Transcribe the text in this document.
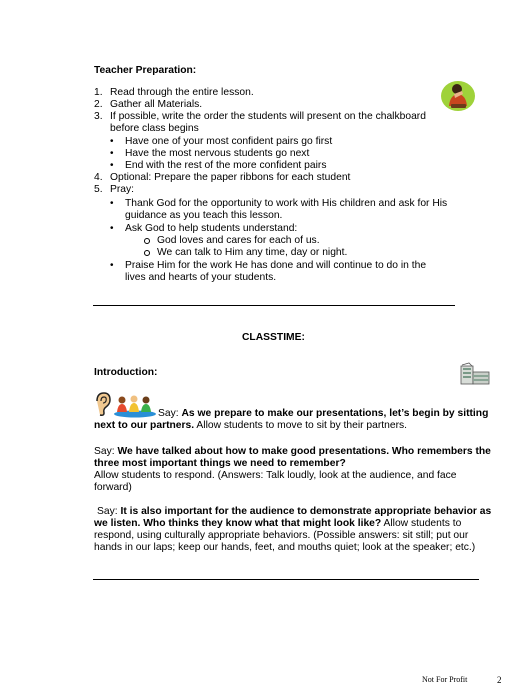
Teacher Preparation:
1. Read through the entire lesson.
2. Gather all Materials.
3. If possible, write the order the students will present on the chalkboard
before class begins
• Have one of your most confident pairs go first
• Have the most nervous students go next
• End with the rest of the more confident pairs
4. Optional: Prepare the paper ribbons for each student
5. Pray:
• Thank God for the opportunity to work with His children and ask for His
guidance as you teach this lesson.
• Ask God to help students understand:
God loves and cares for each of us.
We can talk to Him any time, day or night.
• Praise Him for the work He has done and will continue to do in the
lives and hearts of your students.
CLASSTIME:
Introduction:
Say: As we prepare to make our presentations, let’s begin by sitting
next to our partners. Allow students to move to sit by their partners.
Say: We have talked about how to make good presentations. Who remembers the
three most important things we need to remember?
Allow students to respond. (Answers: Talk loudly, look at the audience, and face
forward)
Say: It is also important for the audience to demonstrate appropriate behavior as
we listen. Who thinks they know what that might look like? Allow students to
respond, using culturally appropriate behaviors. (Possible answers: sit still; put our
hands in our laps; keep our hands, feet, and mouths quiet; look at the speaker; etc.)
Not For Profit	2
